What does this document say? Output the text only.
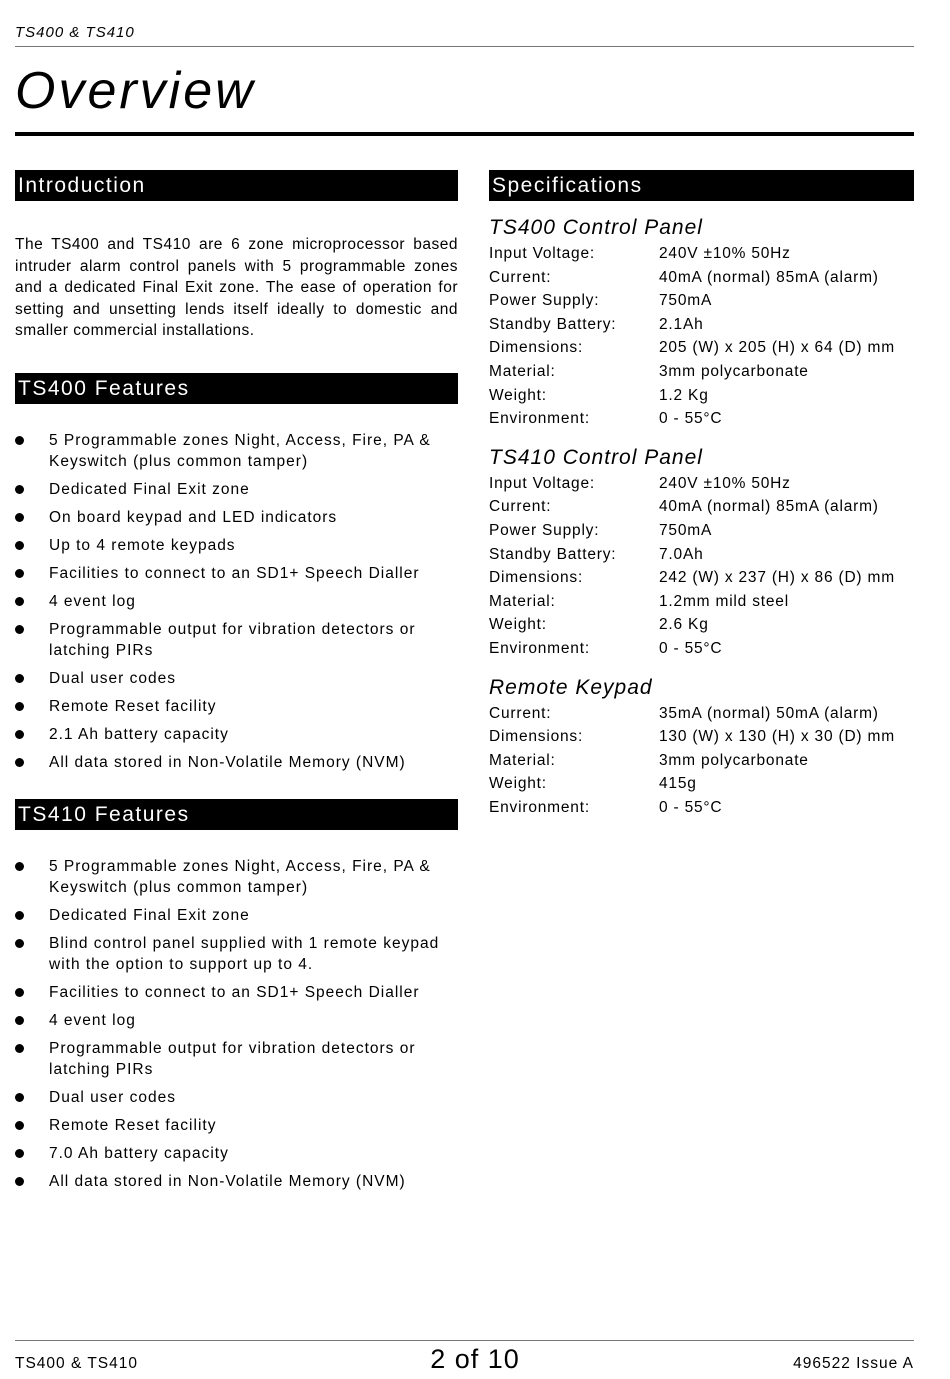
TS400 & TS410
Overview
Introduction

The TS400 and TS410 are 6 zone microprocessor based intruder alarm control panels with 5 programmable zones and a dedicated Final Exit zone. The ease of operation for setting and unsetting lends itself ideally to domestic and smaller commercial installations.

TS400 Features
5 Programmable zones Night, Access, Fire, PA & Keyswitch (plus common tamper)
Dedicated Final Exit zone
On board keypad and LED indicators
Up to 4 remote keypads
Facilities to connect to an SD1+ Speech Dialler
4 event log
Programmable output for vibration detectors or latching PIRs
Dual user codes
Remote Reset facility
2.1 Ah battery capacity
All data stored in Non-Volatile Memory (NVM)
TS410 Features
5 Programmable zones Night, Access, Fire, PA & Keyswitch (plus common tamper)
Dedicated Final Exit zone
Blind control panel supplied with 1 remote keypad with the option to support up to 4.
Facilities to connect to an SD1+ Speech Dialler
4 event log
Programmable output for vibration detectors or latching PIRs
Dual user codes
Remote Reset facility
7.0 Ah battery capacity
All data stored in Non-Volatile Memory (NVM)
Specifications
TS400 Control Panel
Input Voltage:	240V ±10% 50Hz
Current:	40mA (normal) 85mA (alarm)
Power Supply:	750mA
Standby Battery:	2.1Ah
Dimensions:	205 (W) x 205 (H) x 64 (D) mm
Material:	3mm polycarbonate
Weight:	1.2 Kg
Environment:	0 - 55°C
TS410 Control Panel
Input Voltage:	240V ±10% 50Hz
Current:	40mA (normal) 85mA (alarm)
Power Supply:	750mA
Standby Battery:	7.0Ah
Dimensions:	242 (W) x 237 (H) x 86 (D) mm
Material:	1.2mm mild steel
Weight:	2.6 Kg
Environment:	0 - 55°C
Remote Keypad
Current:	35mA (normal) 50mA (alarm)
Dimensions:	130 (W) x 130 (H) x 30 (D) mm
Material:	3mm polycarbonate
Weight:	415g
Environment:	0 - 55°C
TS400 & TS410	2 of 10	496522 Issue A
